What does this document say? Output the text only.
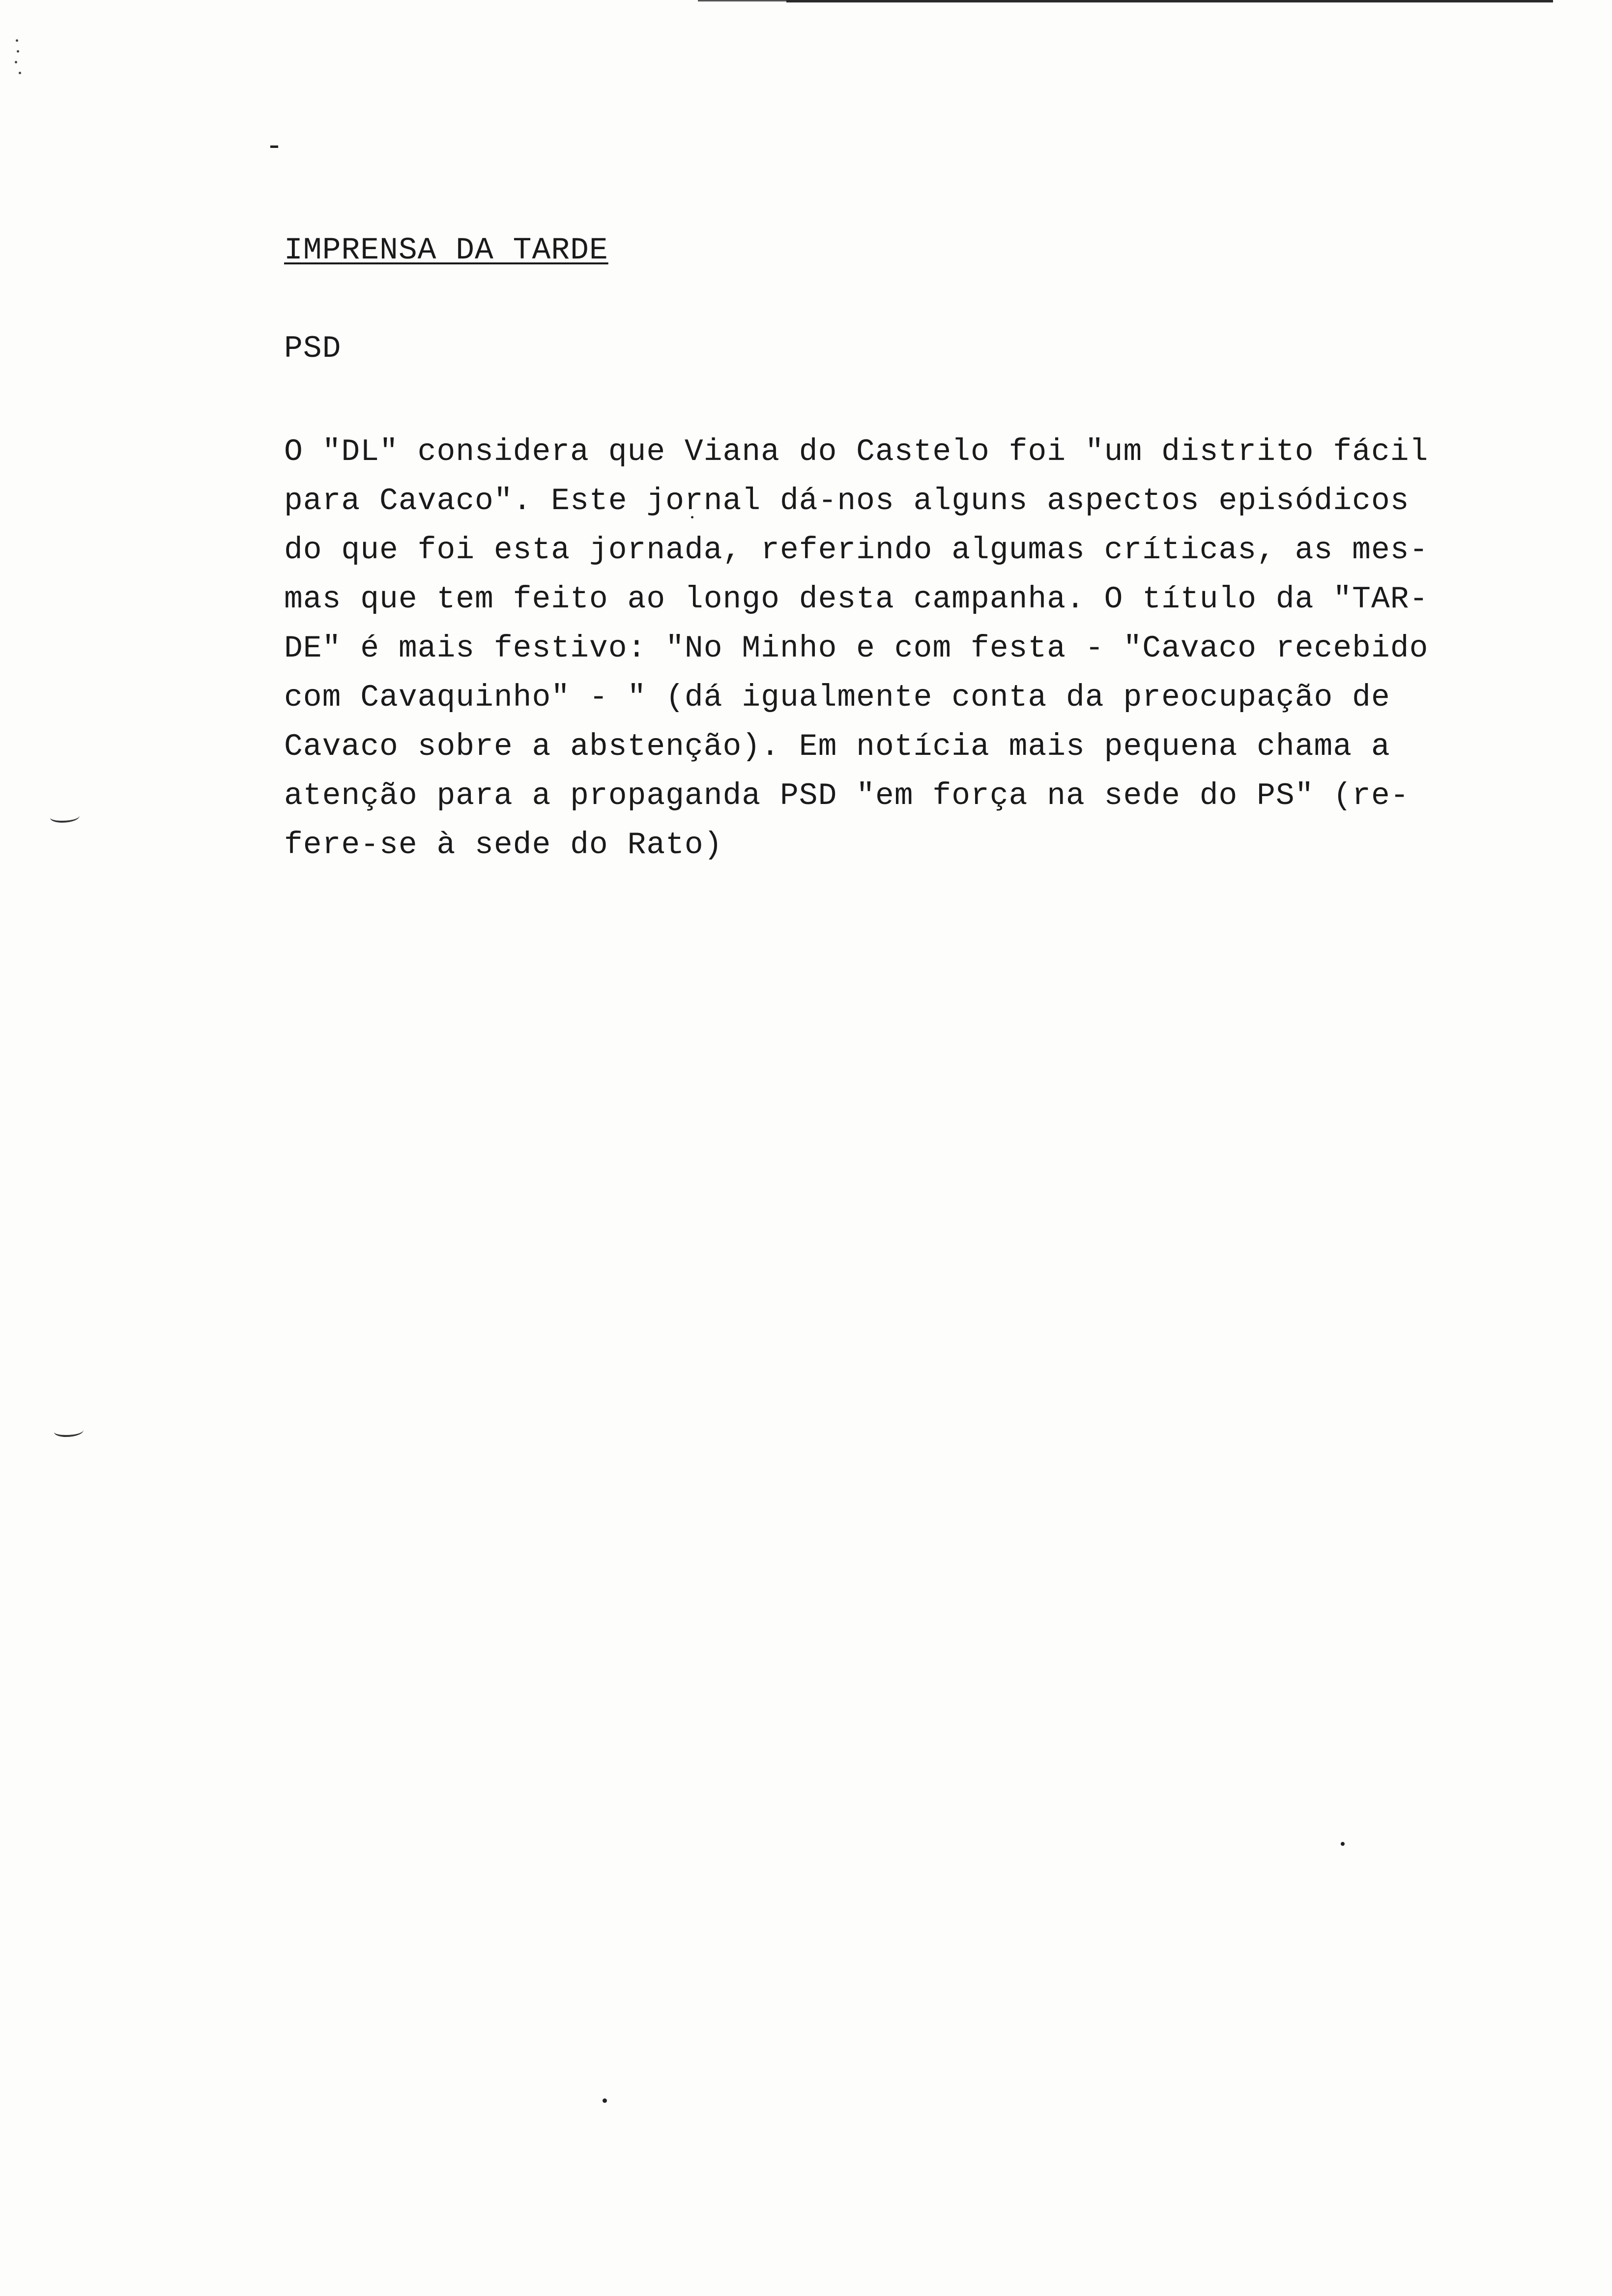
IMPRENSA DA TARDE
PSD
O "DL" considera que Viana do Castelo foi "um distrito fácil
para Cavaco". Este jornal dá-nos alguns aspectos episódicos
do que foi esta jornada, referindo algumas críticas, as mes-
mas que tem feito ao longo desta campanha. O título da "TAR-
DE" é mais festivo: "No Minho e com festa - "Cavaco recebido
com Cavaquinho" - " (dá igualmente conta da preocupação de
Cavaco sobre a abstenção). Em notícia mais pequena chama a
atenção para a propaganda PSD "em força na sede do PS" (re-
fere-se à sede do Rato)
